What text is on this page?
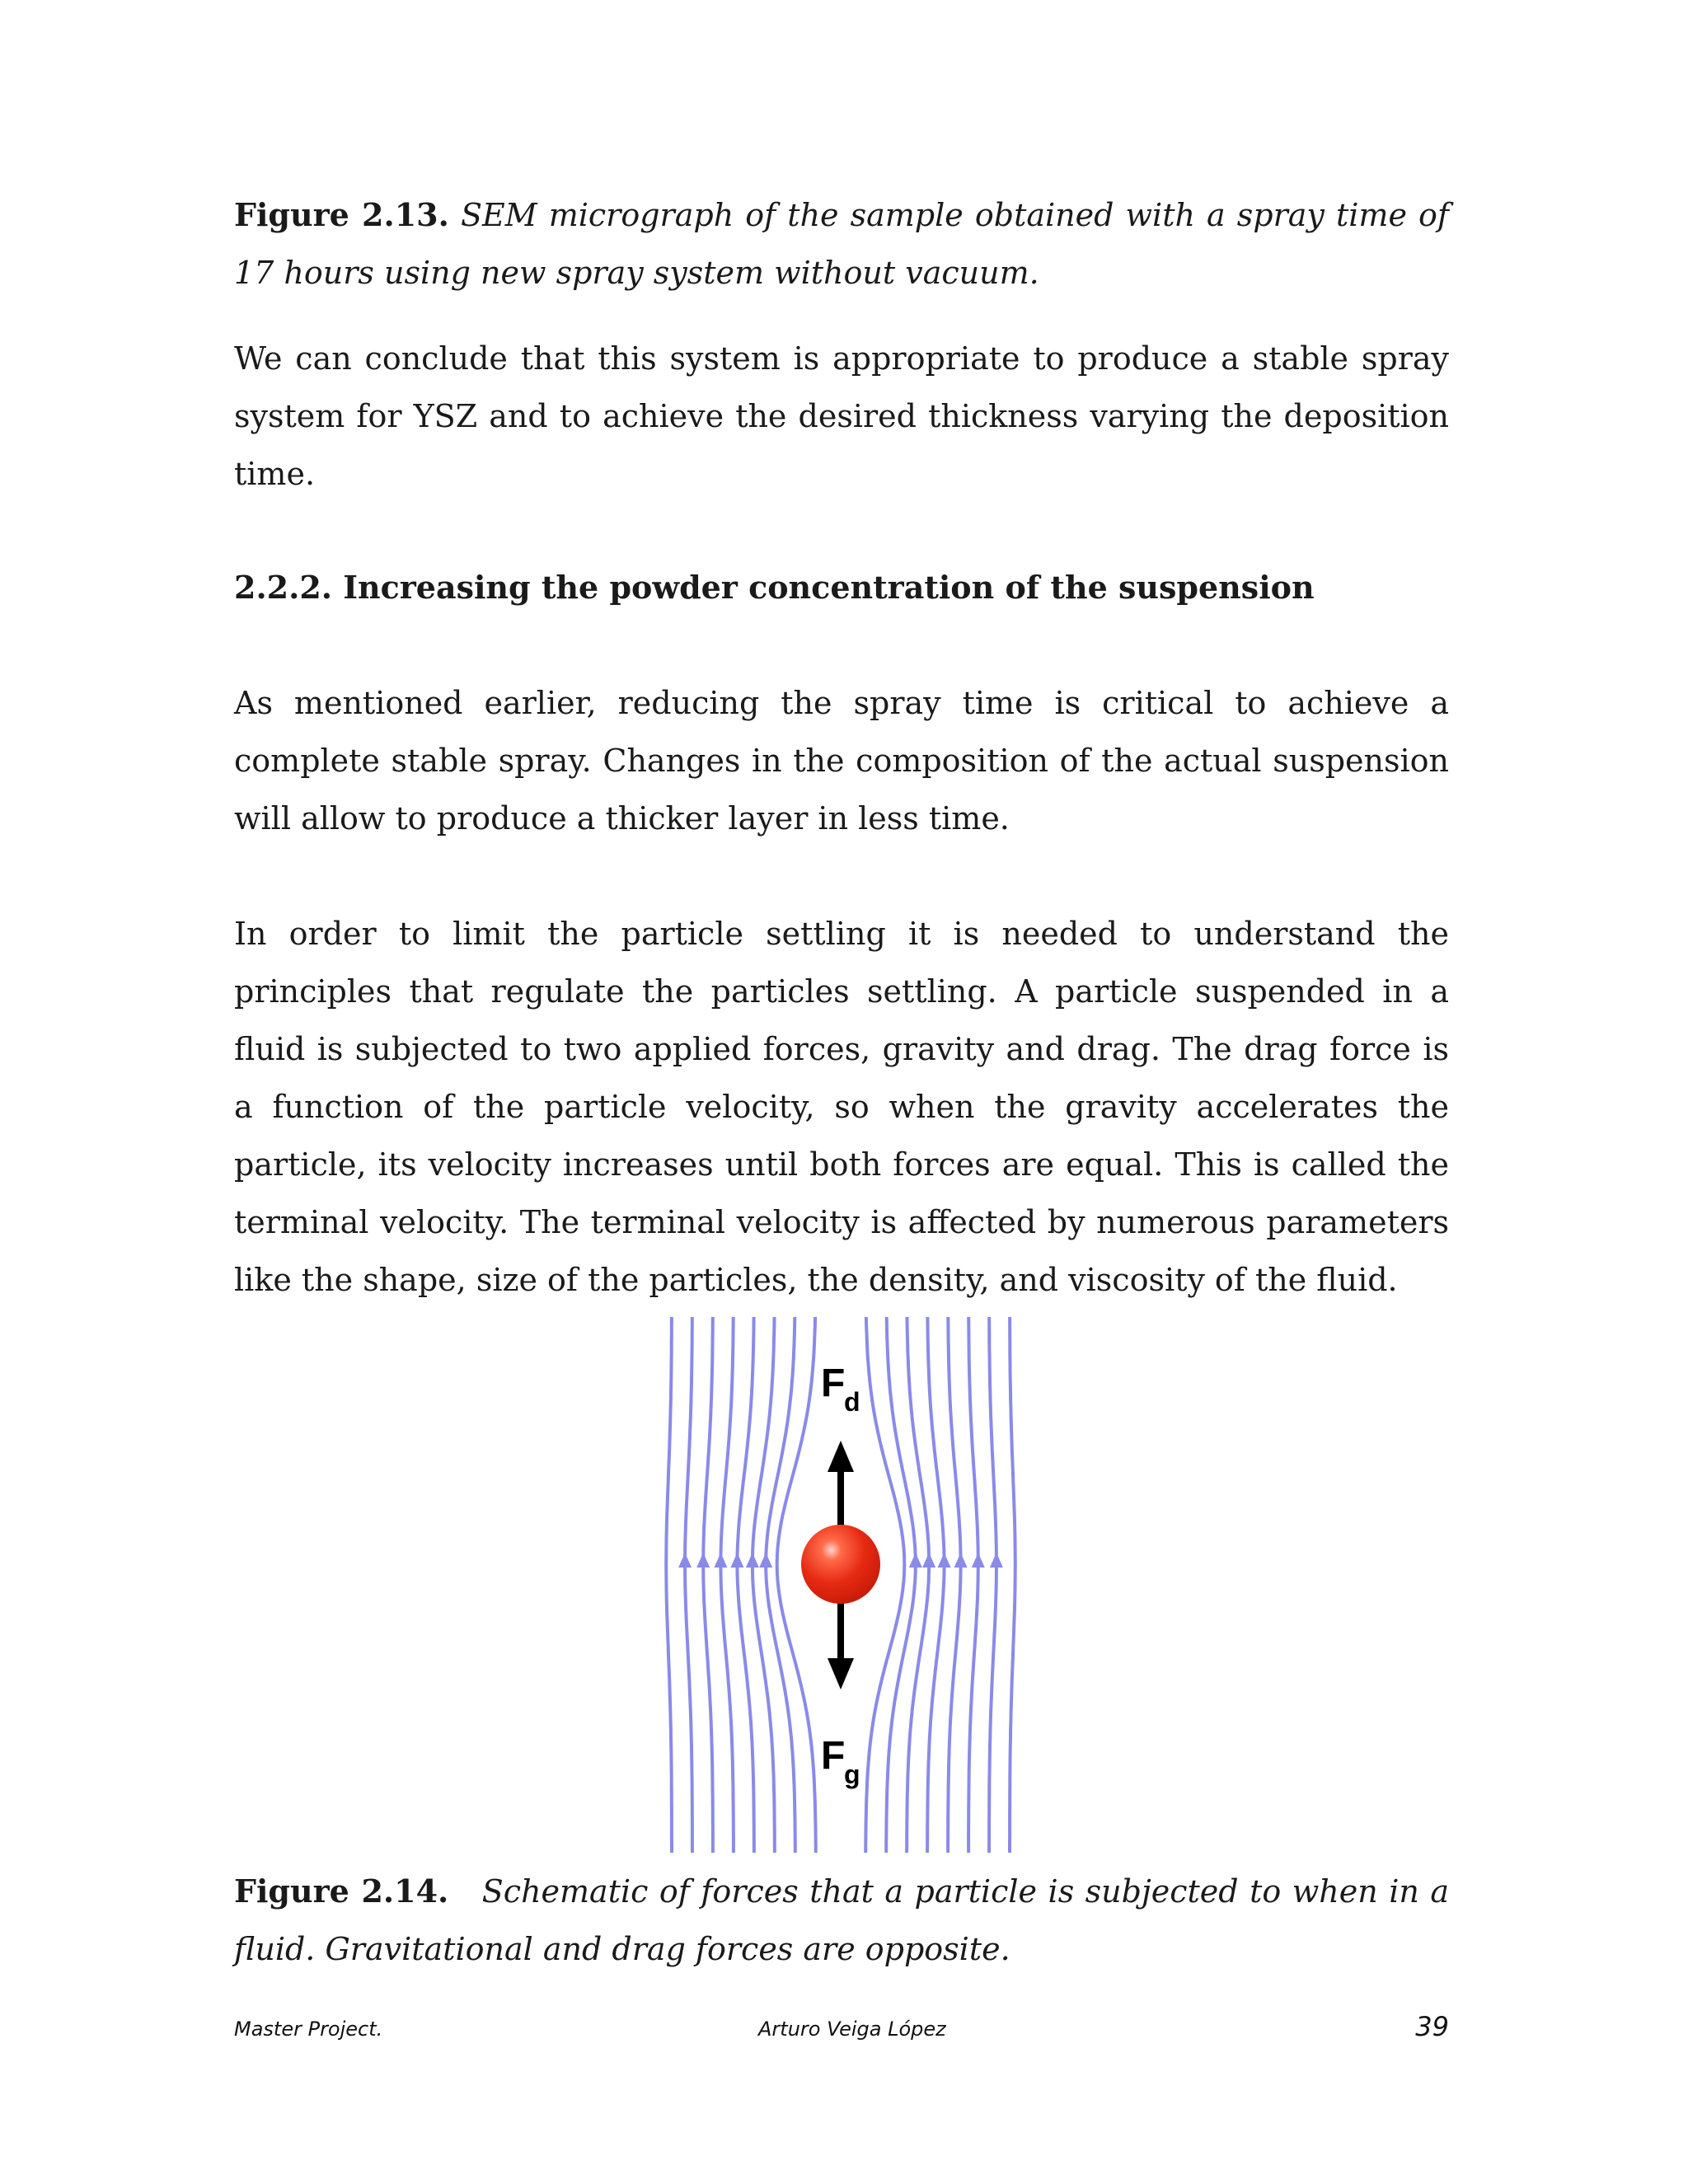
Figure 2.13. SEM micrograph of the sample obtained with a spray time of 17 hours using new spray system without vacuum.

We can conclude that this system is appropriate to produce a stable spray system for YSZ and to achieve the desired thickness varying the deposition time.

2.2.2. Increasing the powder concentration of the suspension

As mentioned earlier, reducing the spray time is critical to achieve a complete stable spray. Changes in the composition of the actual suspension will allow to produce a thicker layer in less time.

In order to limit the particle settling it is needed to understand the principles that regulate the particles settling. A particle suspended in a fluid is subjected to two applied forces, gravity and drag. The drag force is a function of the particle velocity, so when the gravity accelerates the particle, its velocity increases until both forces are equal. This is called the terminal velocity. The terminal velocity is affected by numerous parameters like the shape, size of the particles, the density, and viscosity of the fluid.

F
d
F
g

Figure 2.14. Schematic of forces that a particle is subjected to when in a fluid. Gravitational and drag forces are opposite.

Master Project.	Arturo Veiga López	39
